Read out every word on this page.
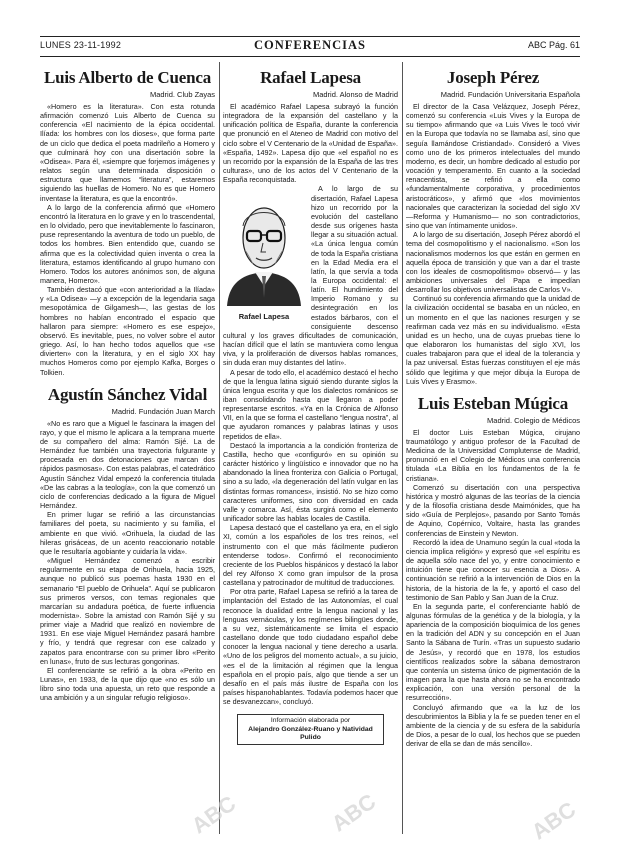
LUNES 23-11-1992	CONFERENCIAS	ABC Pág. 61
Luis Alberto de Cuenca
Madrid. Club Zayas

«Homero es la literatura». Con esta rotunda afirmación comenzó Luis Alberto de Cuenca su conferencia «El nacimiento de la épica occidental. Ilíada: los hombres con los dioses», que forma parte de un ciclo que dedica el poeta madrileño a Homero y que culminará hoy con una disertación sobre la «Odisea». Para él, «siempre que forjemos imágenes y relatos según una determinada disposición o estructura que llamemos “literatura”, estaremos siguiendo las huellas de Homero. No es que Homero inventase la literatura, es que la encontró».

A lo largo de la conferencia afirmó que «Homero encontró la literatura en lo grave y en lo trascendental, en lo olvidado, pero que inevitablemente lo fascinaron, puse representando la aventura de todo un pueblo, de todos los hombres. Bien entendido que, cuando se afirma que es la colectividad quien inventa o crea la literatura, estamos identificando al grupo humano con Homero. Todos los autores anónimos son, de alguna manera, Homero».

También destacó que «con anterioridad a la Ilíada» y «La Odisea» —y a excepción de la legendaria saga mesopotámica de Gilgamesh—, las gestas de los hombres no habían encontrado el espacio que hallaron para siempre: «Homero es ese espejo», observó. Es inevitable, pues, no volver sobre el autor griego. Así, lo han hecho todos aquellos que «se divierten» con la literatura, y en el siglo XX hay muchos Homeros como por ejemplo Kafka, Borges o Tolkien.

Agustín Sánchez Vidal
Madrid. Fundación Juan March

«No es raro que a Miguel le fascinara la imagen del rayo, y que el mismo le aplicara a la temprana muerte de su compañero del alma: Ramón Sijé. La de Hernández fue también una trayectoria fulgurante y procesada en dos detonaciones que marcan dos rápidos pasmosas». Con estas palabras, el catedrático Agustín Sánchez Vidal empezó la conferencia titulada «De las cabras a la teología», con la que comenzó un ciclo de conferencias dedicado a la figura de Miguel Hernández.

En primer lugar se refirió a las circunstancias familiares del poeta, su nacimiento y su familia, el ambiente en que vivió. «Orihuela, la ciudad de las hileras grisáceas, de un acento reaccionario notable que le resultaría agobiante y cuidaría la vida».

«Miguel Hernández comenzó a escribir regularmente en su etapa de Orihuela, hacia 1925, aunque no publicó sus poemas hasta 1930 en el semanario “El pueblo de Orihuela”. Aquí se publicaron sus primeros versos, con temas regionales que marcarían su andadura poética, de fuerte influencia modernista». Sobre la amistad con Ramón Sijé y su primer viaje a Madrid que realizó en noviembre de 1931. En ese viaje Miguel Hernández pasará hambre y frío, y tendrá que regresar con ese calzado y zapatos para encontrarse con su primer libro «Perito en lunas», fruto de sus lecturas gongorinas.

El conferenciante se refirió a la obra «Perito en Lunas», en 1933, de la que dijo que «no es sólo un libro sino toda una apuesta, un reto que responde a una ambición y a un singular refugio religioso».

Rafael Lapesa
Madrid. Alonso de Madrid

El académico Rafael Lapesa subrayó la función integradora de la expansión del castellano y la unificación política de España, durante la conferencia que pronunció en el Ateneo de Madrid con motivo del ciclo sobre el V Centenario de la «Unidad de España». «España, 1492». Lapesa dijo que «el español no es un recorrido por la expansión de la España de las tres culturas», uno de los actos del V Centenario de la España reconquistada.

Rafael Lapesa

A lo largo de su disertación, Rafael Lapesa hizo un recorrido por la evolución del castellano desde sus orígenes hasta llegar a su situación actual. «La única lengua común de toda la España cristiana en la Edad Media era el latín, la que servía a toda la Europa occidental: el latín. El hundimiento del Imperio Romano y su desintegración en los estados bárbaros, con el consiguiente descenso cultural y los graves dificultades de comunicación, hacían difícil que el latín se mantuviera como lengua viva, y la proliferación de diversos hablas romances, sin duda eran muy distantes del latín».

A pesar de todo ello, el académico destacó el hecho de que la lengua latina siguió siendo durante siglos la única lengua escrita y que los dialectos románicos se iban consolidando hasta que llegaron a poder representarse escritos. «Ya en la Crónica de Alfonso VII, en la que se forma el castellano “lengua nostra”, al que ayudaron romances y palabras latinas y usos repetidos de ella».

Destacó la importancia a la condición fronteriza de Castilla, hecho que «configuró» en su opinión su carácter histórico y lingüístico e innovador que no ha abandonado la línea fronteriza con Galicia o Portugal, sino a su lado, «la degeneración del latín vulgar en las distintas formas romances», insistió. No se hizo como caracteres uniformes, sino con diversidad en cada valle y comarca. Así, ésta surgirá como el elemento unificador sobre las hablas locales de Castilla.

Lapesa destacó que el castellano ya era, en el siglo XI, común a los españoles de los tres reinos, «el instrumento con el que más fácilmente pudieron entenderse todos». Confirmó el reconocimiento creciente de los Pueblos hispánicos y destacó la labor del rey Alfonso X como gran impulsor de la prosa castellana y patrocinador de multitud de traducciones.

Por otra parte, Rafael Lapesa se refirió a la tarea de implantación del Estado de las Autonomías, el cual reconoce la dualidad entre la lengua nacional y las lenguas vernáculas, y los regímenes bilingües donde, a su vez, sistemáticamente se limita el espacio castellano donde que todo ciudadano español debe conocer la lengua nacional y tiene derecho a usarla. «Uno de los peligros del momento actual», a su juicio, «es el de la limitación al régimen que la lengua española en el propio país, algo que tiende a ser un desafío en el país más ilustre de España con los países hispanohablantes. Todavía podemos hacer que se desvanezcan», concluyó.

Información elaborada por
Alejandro González-Ruano y Natividad Pulido
Joseph Pérez
Madrid. Fundación Universitaria Española

El director de la Casa Velázquez, Joseph Pérez, comenzó su conferencia «Luis Vives y la Europa de su tiempo» afirmando que «a Luis Vives le tocó vivir en la Europa que todavía no se llamaba así, sino que seguía llamándose Cristiandad». Consideró a Vives como uno de los primeros intelectuales del mundo moderno, es decir, un hombre dedicado al estudio por vocación y temperamento. En cuanto a la sociedad renacentista, se refirió a ella como «fundamentalmente corporativa, y procedimientos aristocráticos», y afirmó que «los movimientos nacionales que caracterizan la sociedad del siglo XV —Reforma y Humanismo— no son contradictorios, sino que van íntimamente unidos».

A lo largo de su disertación, Joseph Pérez abordó el tema del cosmopolitismo y el nacionalismo. «Son los nacionalismos modernos los que están en germen en aquella época de transición y que van a dar el traste con los ideales de cosmopolitismo» observó— y las ambiciones universales del Papa e impedían desarrollar los objetivos universalistas de Carlos V».

Continuó su conferencia afirmando que la unidad de la civilización occidental se basaba en un núcleo, en un momento en el que las naciones resurgen y se reafirman cada vez más en su individualismo. «Esta unidad es un hecho, una de cuyas pruebas tiene lo que elaboraron los humanistas del siglo XVI, los cuales trabajaron para que el ideal de la tolerancia y la paz universal. Estas fuerzas constituyen el eje más sólido que legitima y que mejor dibuja la Europa de Luis Vives y Erasmo».

Luis Esteban Múgica
Madrid. Colegio de Médicos

El doctor Luis Esteban Múgica, cirujano traumatólogo y antiguo profesor de la Facultad de Medicina de la Universidad Complutense de Madrid, pronunció en el Colegio de Médicos una conferencia titulada «La Biblia en los fundamentos de la fe cristiana».

Comenzó su disertación con una perspectiva histórica y mostró algunas de las teorías de la ciencia y de la filosofía cristiana desde Maimónides, que ha sido «Guía de Perplejos», pasando por Santo Tomás de Aquino, Copérnico, Voltaire, hasta las grandes conferencias de Einstein y Newton.

Recordó la idea de Unamuno según la cual «toda la ciencia implica religión» y expresó que «el espíritu es de aquella sólo nace del yo, y entre conocimiento e intuición tiene que conocer su esencia a Dios». A continuación se refirió a la intervención de Dios en la historia, de la historia de la fe, y aportó el caso del testimonio de San Pablo y San Juan de la Cruz.

En la segunda parte, el conferenciante habló de algunas fórmulas de la genética y de la biología, y la apariencia de la composición bioquímica de los genes en la tradición del ADN y su concepción en el Juan Santo la Sábana de Turín. «Tras un supuesto sudario de Jesús», y recordó que en 1978, los estudios científicos realizados sobre la sábana demostraron que contenía un sistema único de pigmentación de la imagen para la que hasta ahora no se ha encontrado explicación, con una versión personal de la resurrección».

Concluyó afirmando que «a la luz de los descubrimientos la Biblia y la fe se pueden tener en el ambiente de la ciencia y de su esfera de la sabiduría de Dios, a pesar de lo cual, los hechos que se pueden derivar de ella se dan de más sencillo».

ABC	ABC	ABC
